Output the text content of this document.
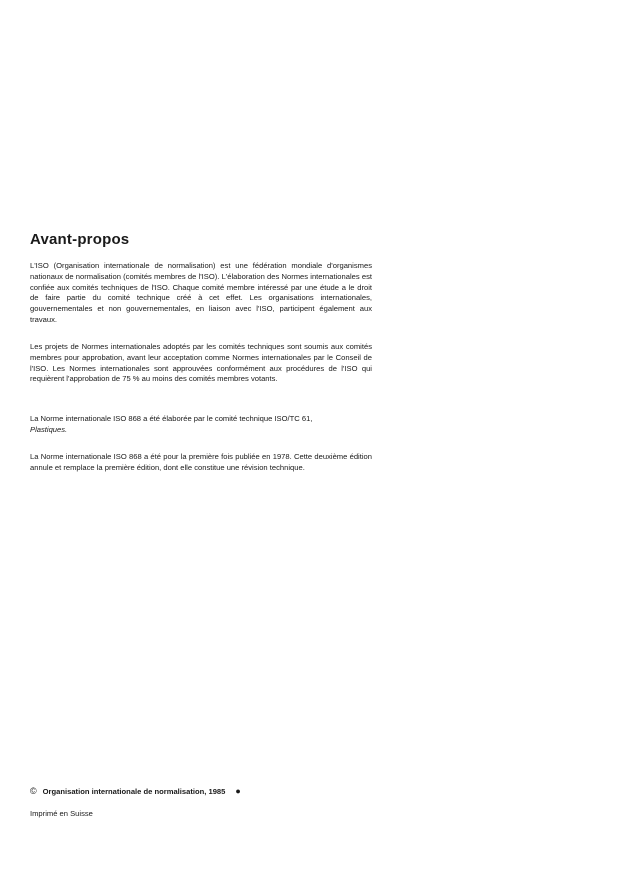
Avant-propos

L'ISO (Organisation internationale de normalisation) est une fédération mondiale d'organismes nationaux de normalisation (comités membres de l'ISO). L'élaboration des Normes internationales est confiée aux comités techniques de l'ISO. Chaque comité membre intéressé par une étude a le droit de faire partie du comité technique créé à cet effet. Les organisations internationales, gouvernementales et non gouvernementales, en liaison avec l'ISO, participent également aux travaux.

Les projets de Normes internationales adoptés par les comités techniques sont soumis aux comités membres pour approbation, avant leur acceptation comme Normes internationales par le Conseil de l'ISO. Les Normes internationales sont approuvées conformément aux procédures de l'ISO qui requièrent l'approbation de 75 % au moins des comités membres votants.

La Norme internationale ISO 868 a été élaborée par le comité technique ISO/TC 61,
Plastiques.

La Norme internationale ISO 868 a été pour la première fois publiée en 1978. Cette deuxième édition annule et remplace la première édition, dont elle constitue une révision technique.

© Organisation internationale de normalisation, 1985 ●
Imprimé en Suisse
